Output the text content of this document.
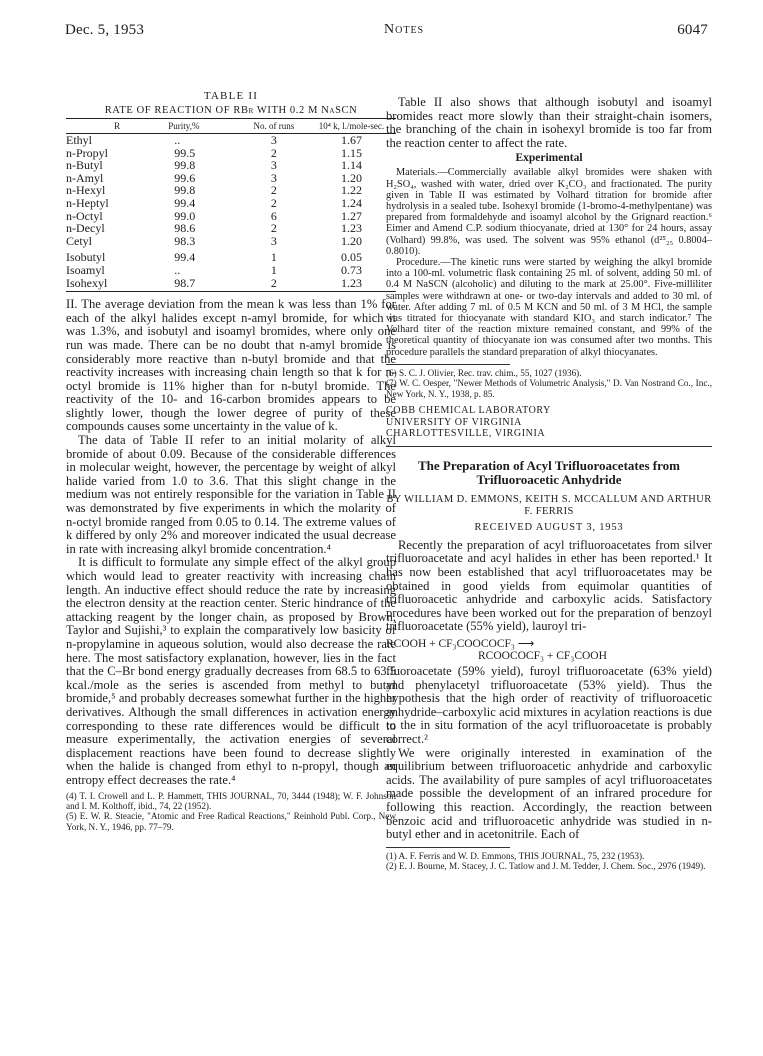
Dec. 5, 1953	Notes	6047

TABLE II

RATE OF REACTION OF RBr WITH 0.2 M NaSCN

R	Purity,%	No. of runs	10⁴ k, l./mole-sec.
Ethyl	..	3	1.67
n-Propyl	99.5	2	1.15
n-Butyl	99.8	3	1.14
n-Amyl	99.6	3	1.20
n-Hexyl	99.8	2	1.22
n-Heptyl	99.4	2	1.24
n-Octyl	99.0	6	1.27
n-Decyl	98.6	2	1.23
Cetyl	98.3	3	1.20
Isobutyl	99.4	1	0.05
Isoamyl	..	1	0.73
Isohexyl	98.7	2	1.23

II. The average deviation from the mean k was less than 1% for each of the alkyl halides except n-amyl bromide, for which it was 1.3%, and isobutyl and isoamyl bromides, where only one run was made. There can be no doubt that n-amyl bromide is considerably more reactive than n-butyl bromide and that the reactivity increases with increasing chain length so that k for n-octyl bromide is 11% higher than for n-butyl bromide. The reactivity of the 10- and 16-carbon bromides appears to be slightly lower, though the lower degree of purity of these compounds causes some uncertainty in the value of k.

The data of Table II refer to an initial molarity of alkyl bromide of about 0.09. Because of the considerable differences in molecular weight, however, the percentage by weight of alkyl halide varied from 1.0 to 3.6. That this slight change in the medium was not entirely responsible for the variation in Table II was demonstrated by five experiments in which the molarity of n-octyl bromide ranged from 0.05 to 0.14. The extreme values of k differed by only 2% and moreover indicated the usual decrease in rate with increasing alkyl bromide concentration.⁴

It is difficult to formulate any simple effect of the alkyl group which would lead to greater reactivity with increasing chain length. An inductive effect should reduce the rate by increasing the electron density at the reaction center. Steric hindrance of the attacking reagent by the longer chain, as proposed by Brown, Taylor and Sujishi,³ to explain the comparatively low basicity of n-propylamine in aqueous solution, would also decrease the rate here. The most satisfactory explanation, however, lies in the fact that the C–Br bond energy gradually decreases from 68.5 to 63.5 kcal./mole as the series is ascended from methyl to butyl bromide,⁵ and probably decreases somewhat further in the higher derivatives. Although the small differences in activation energy corresponding to these rate differences would be difficult to measure experimentally, the activation energies of several displacement reactions have been found to decrease slightly when the halide is changed from ethyl to n-propyl, though an entropy effect decreases the rate.⁴

(4) T. I. Crowell and L. P. Hammett, THIS JOURNAL, 70, 3444 (1948); W. F. Johnson and I. M. Kolthoff, ibid., 74, 22 (1952).

(5) E. W. R. Steacie, "Atomic and Free Radical Reactions," Reinhold Publ. Corp., New York, N. Y., 1946, pp. 77–79.

Table II also shows that although isobutyl and isoamyl bromides react more slowly than their straight-chain isomers, the branching of the chain in isohexyl bromide is too far from the reaction center to affect the rate.

Experimental

Materials.—Commercially available alkyl bromides were shaken with H₂SO₄, washed with water, dried over K₂CO₃ and fractionated. The purity given in Table II was estimated by Volhard titration for bromide after hydrolysis in a sealed tube. Isohexyl bromide (1-bromo-4-methylpentane) was prepared from formaldehyde and isoamyl alcohol by the Grignard reaction.⁶ Eimer and Amend C.P. sodium thiocyanate, dried at 130° for 24 hours, assay (Volhard) 99.8%, was used. The solvent was 95% ethanol (d²⁵₂₅ 0.8004–0.8010).

Procedure.—The kinetic runs were started by weighing the alkyl bromide into a 100-ml. volumetric flask containing 25 ml. of solvent, adding 50 ml. of 0.4 M NaSCN (alcoholic) and diluting to the mark at 25.00°. Five-milliliter samples were withdrawn at one- or two-day intervals and added to 30 ml. of water. After adding 7 ml. of 0.5 M KCN and 50 ml. of 3 M HCl, the sample was titrated for thiocyanate with standard KIO₃ and starch indicator.⁷ The Volhard titer of the reaction mixture remained constant, and 99% of the theoretical quantity of thiocyanate ion was consumed after two months. This procedure parallels the standard preparation of alkyl thiocyanates.

(6) S. C. J. Olivier, Rec. trav. chim., 55, 1027 (1936).

(7) W. C. Oesper, "Newer Methods of Volumetric Analysis," D. Van Nostrand Co., Inc., New York, N. Y., 1938, p. 85.

COBB CHEMICAL LABORATORY
UNIVERSITY OF VIRGINIA
CHARLOTTESVILLE, VIRGINIA
The Preparation of Acyl Trifluoroacetates from Trifluoroacetic Anhydride
BY WILLIAM D. EMMONS, KEITH S. MCCALLUM AND ARTHUR F. FERRIS
RECEIVED AUGUST 3, 1953

Recently the preparation of acyl trifluoroacetates from silver trifluoroacetate and acyl halides in ether has been reported.¹ It has now been established that acyl trifluoroacetates may be obtained in good yields from equimolar quantities of trifluoroacetic anhydride and carboxylic acids. Satisfactory procedures have been worked out for the preparation of benzoyl trifluoroacetate (55% yield), lauroyl tri-

RCOOH + CF₃COOCOCF₃ ⟶
RCOOCOCF₃ + CF₃COOH

fluoroacetate (59% yield), furoyl trifluoroacetate (63% yield) and phenylacetyl trifluoroacetate (53% yield). Thus the hypothesis that the high order of reactivity of trifluoroacetic anhydride–carboxylic acid mixtures in acylation reactions is due to the in situ formation of the acyl trifluoroacetate is probably correct.²

We were originally interested in examination of the equilibrium between trifluoroacetic anhydride and carboxylic acids. The availability of pure samples of acyl trifluoroacetates made possible the development of an infrared procedure for following this reaction. Accordingly, the reaction between benzoic acid and trifluoroacetic anhydride was studied in n-butyl ether and in acetonitrile. Each of

(1) A. F. Ferris and W. D. Emmons, THIS JOURNAL, 75, 232 (1953).

(2) E. J. Bourne, M. Stacey, J. C. Tatlow and J. M. Tedder, J. Chem. Soc., 2976 (1949).
